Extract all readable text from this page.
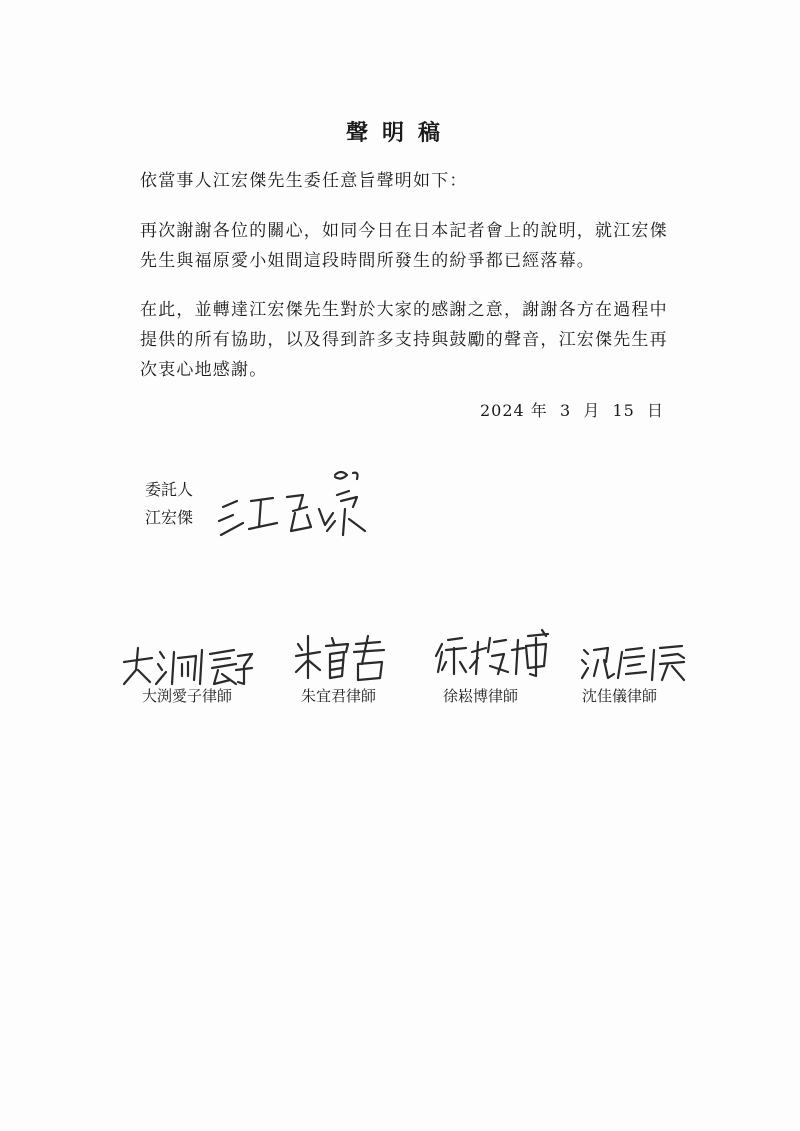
聲明稿

依當事人江宏傑先生委任意旨聲明如下：

再次謝謝各位的關心，如同今日在日本記者會上的說明，就江宏傑先生與福原愛小姐間這段時間所發生的紛爭都已經落幕。

在此，並轉達江宏傑先生對於大家的感謝之意，謝謝各方在過程中提供的所有協助，以及得到許多支持與鼓勵的聲音，江宏傑先生再次衷心地感謝。

2024 年  3  月  15  日
委託人
江宏傑
大渕愛子律師	朱宜君律師	徐崧博律師	沈佳儀律師
